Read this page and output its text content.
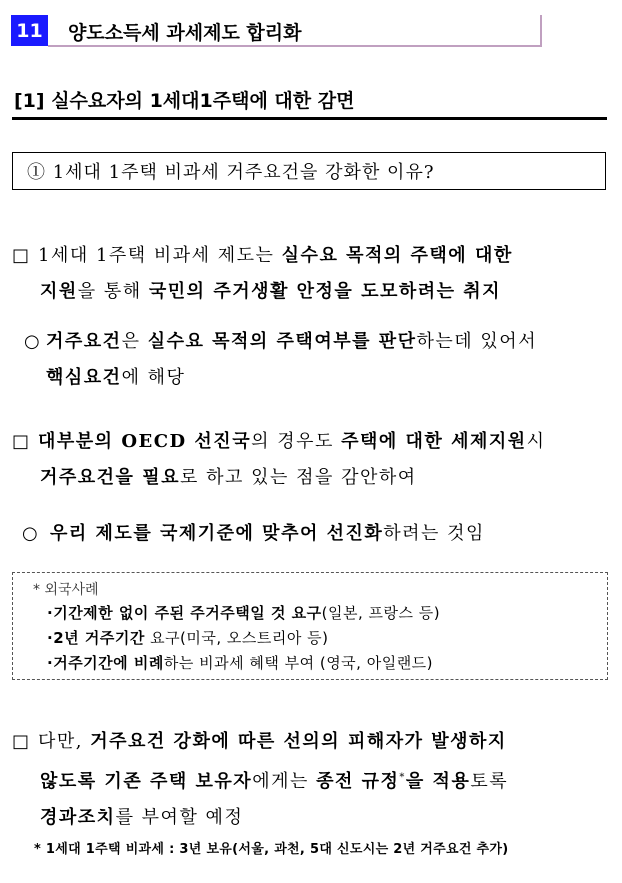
11 양도소득세 과세제도 합리화
[1] 실수요자의 1세대1주택에 대한 감면
① 1세대 1주택 비과세 거주요건을 강화한 이유?
□ 1세대 1주택 비과세 제도는 실수요 목적의 주택에 대한
지원을 통해 국민의 주거생활 안정을 도모하려는 취지
○ 거주요건은 실수요 목적의 주택여부를 판단하는데 있어서
핵심요건에 해당
□ 대부분의 OECD 선진국의 경우도 주택에 대한 세제지원시
거주요건을 필요로 하고 있는 점을 감안하여
○ 우리 제도를 국제기준에 맞추어 선진화하려는 것임
* 외국사례
·기간제한 없이 주된 주거주택일 것 요구(일본, 프랑스 등)
·2년 거주기간 요구(미국, 오스트리아 등)
·거주기간에 비례하는 비과세 혜택 부여 (영국, 아일랜드)
□ 다만, 거주요건 강화에 따른 선의의 피해자가 발생하지
않도록 기존 주택 보유자에게는 종전 규정*을 적용토록
경과조치를 부여할 예정
* 1세대 1주택 비과세 : 3년 보유(서울, 과천, 5대 신도시는 2년 거주요건 추가)
